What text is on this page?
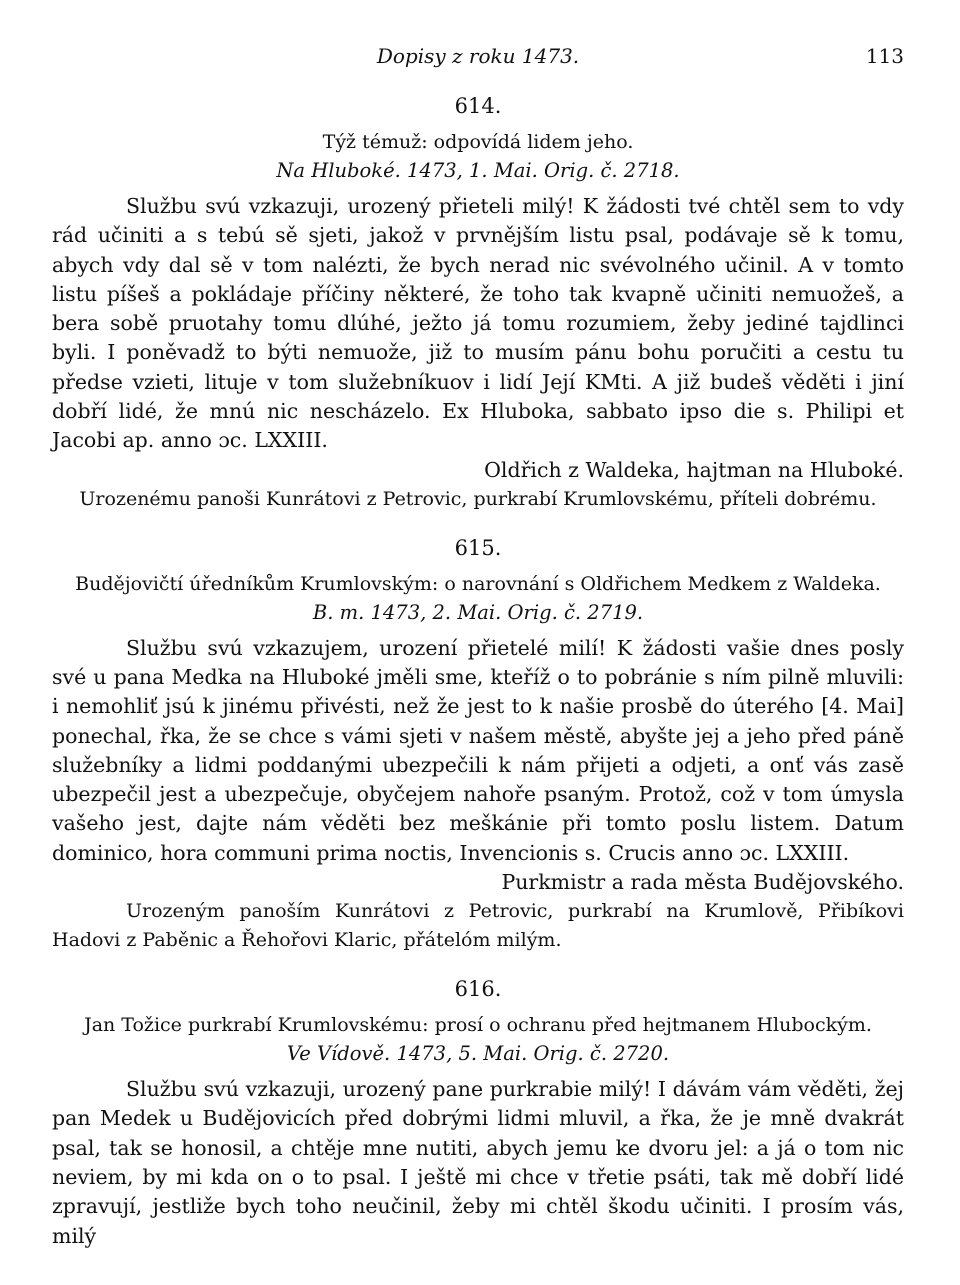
Dopisy z roku 1473.	113
614.
Týž témuž: odpovídá lidem jeho.
Na Hluboké. 1473, 1. Mai. Orig. č. 2718.
Službu svú vzkazuji, urozený přieteli milý! K žádosti tvé chtěl sem to vdy rád učiniti a s tebú sě sjeti, jakož v prvnějším listu psal, podávaje sě k tomu, abych vdy dal sě v tom nalézti, že bych nerad nic svévolného učinil. A v tomto listu píšeš a pokládaje příčiny některé, že toho tak kvapně učiniti nemuožeš, a bera sobě pruotahy tomu dlúhé, ježto já tomu rozumiem, žeby jediné tajdlinci byli. I poněvadž to býti nemuože, již to musím pánu bohu poručiti a cestu tu předse vzieti, lituje v tom služebníkuov i lidí Její KMti. A již budeš věděti i jiní dobří lidé, že mnú nic nescházelo. Ex Hluboka, sabbato ipso die s. Philipi et Jacobi ap. anno ɔc. LXXIII.
Oldřich z Waldeka, hajtman na Hluboké.
Urozenému panoši Kunrátovi z Petrovic, purkrabí Krumlovskému, příteli dobrému.
615.
Budějovičtí úředníkům Krumlovským: o narovnání s Oldřichem Medkem z Waldeka.
B. m. 1473, 2. Mai. Orig. č. 2719.
Službu svú vzkazujem, urození přietelé milí! K žádosti vašie dnes posly své u pana Medka na Hluboké jměli sme, kteříž o to pobránie s ním pilně mluvili: i nemohliť jsú k jinému přivésti, než že jest to k našie prosbě do úterého [4. Mai] ponechal, řka, že se chce s vámi sjeti v našem městě, abyšte jej a jeho před páně služebníky a lidmi poddanými ubezpečili k nám přijeti a odjeti, a onť vás zasě ubezpečil jest a ubezpečuje, obyčejem nahoře psaným. Protož, což v tom úmysla vašeho jest, dajte nám věděti bez meškánie při tomto poslu listem. Datum dominico, hora communi prima noctis, Invencionis s. Crucis anno ɔc. LXXIII.
Purkmistr a rada města Budějovského.
Urozeným panoším Kunrátovi z Petrovic, purkrabí na Krumlově, Přibíkovi Hadovi z Paběnic a Řehořovi Klaric, přátelóm milým.
616.
Jan Tožice purkrabí Krumlovskému: prosí o ochranu před hejtmanem Hlubockým.
Ve Vídově. 1473, 5. Mai. Orig. č. 2720.
Službu svú vzkazuji, urozený pane purkrabie milý! I dávám vám věděti, žej pan Medek u Budějovicích před dobrými lidmi mluvil, a řka, že je mně dvakrát psal, tak se honosil, a chtěje mne nutiti, abych jemu ke dvoru jel: a já o tom nic neviem, by mi kda on o to psal. I ještě mi chce v třetie psáti, tak mě dobří lidé zpravují, jestliže bych toho neučinil, žeby mi chtěl škodu učiniti. I prosím vás, milý
